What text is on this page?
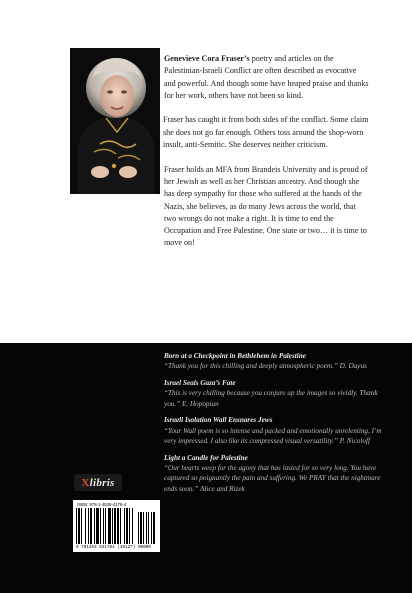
Genevieve Cora Fraser’s poetry and articles on the Palestinian-Israeli Conflict are often described as evocative and powerful. And though some have heaped praise and thanks for her work, others have not been so kind.

Fraser has caught it from both sides of the conflict. Some claim she does not go far enough. Others toss around the shop-worn insult, anti-Semitic. She deserves neither criticism.

Fraser holds an MFA from Brandeis University and is proud of her Jewish as well as her Christian ancestry. And though she has deep sympathy for those who suffered at the hands of the Nazis, she believes, as do many Jews across the world, that two wrongs do not make a right. It is time to end the Occupation and Free Palestine. One state or two… it is time to move on!

Born at a Checkpoint in Bethlehem in Palestine
“Thank you for this chilling and deeply atmospheric poem.” D. Dayus
Israel Seals Gaza’s Fate
“This is very chilling because you conjure up the images so vividly. Thank you.” E. Hopopian
Israeli Isolation Wall Ensnares Jews
“Your Wall poem is so intense and packed and emotionally unrelenting, I’m very impressed. I also like its compressed visual versatility.” P. Nicoloff
Light a Candle for Palestine
“Our hearts weep for the agony that has lasted for so very long. You have captured so poignantly the pain and suffering. We PRAY that the nightmare ends soon.” Alice and Rizek
Xlibris
ISBN: 978-1-4535-4178-4
9 781453 541784 (3612?) 90000
